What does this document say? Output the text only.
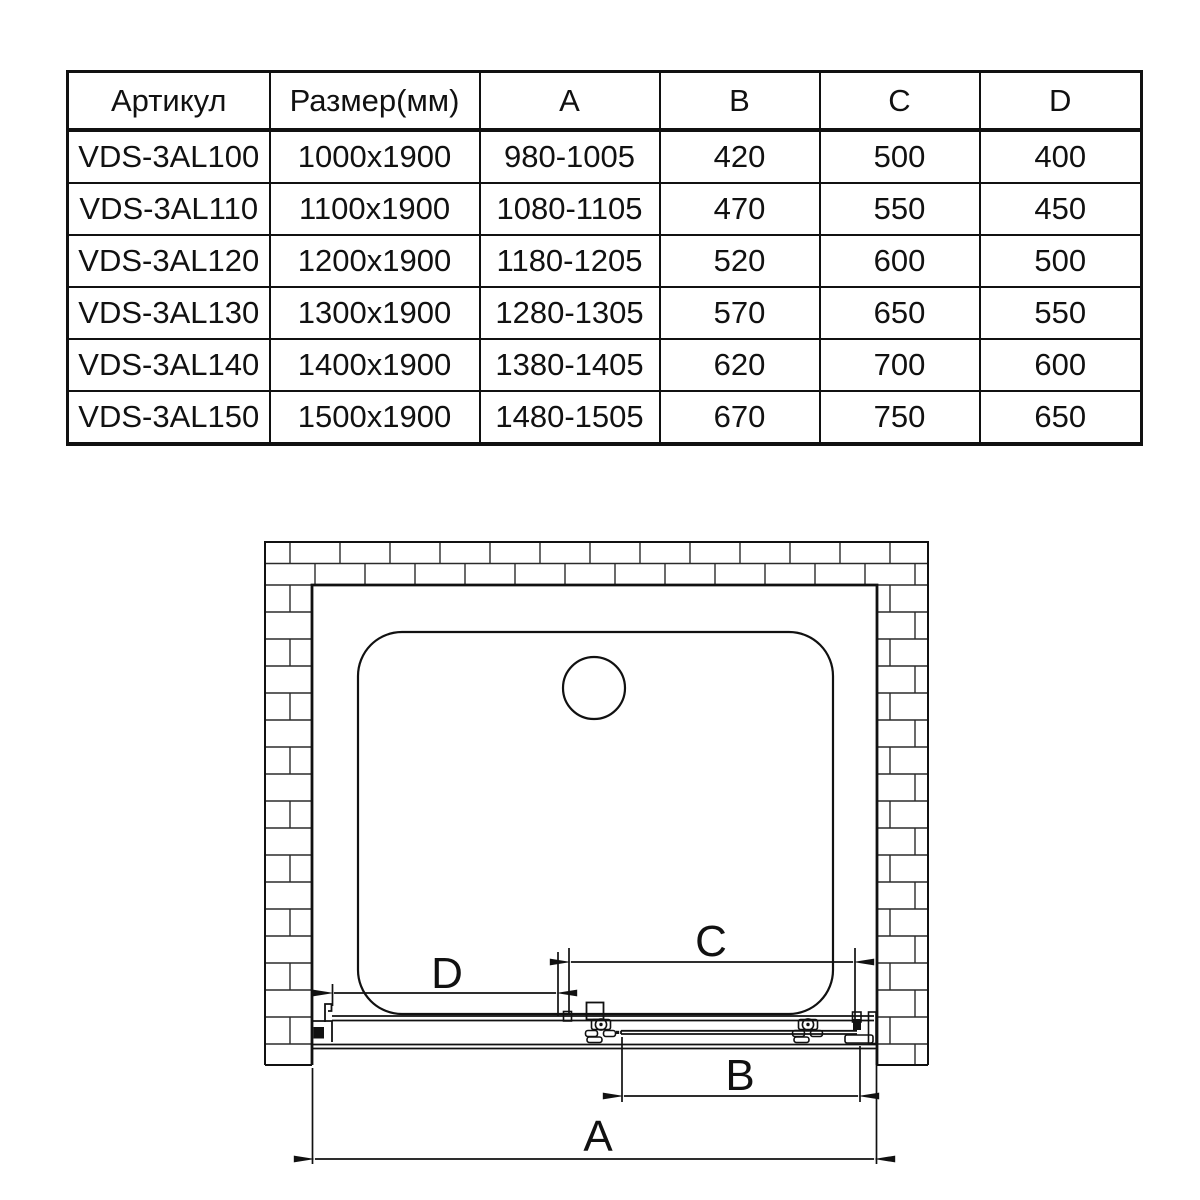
Артикул	Размер(мм)	A	B	C	D
VDS-3AL100	1000x1900	980-1005	420	500	400
VDS-3AL110	1100x1900	1080-1105	470	550	450
VDS-3AL120	1200x1900	1180-1205	520	600	500
VDS-3AL130	1300x1900	1280-1305	570	650	550
VDS-3AL140	1400x1900	1380-1405	620	700	600
VDS-3AL150	1500x1900	1480-1505	670	750	650
D
C
B
A
